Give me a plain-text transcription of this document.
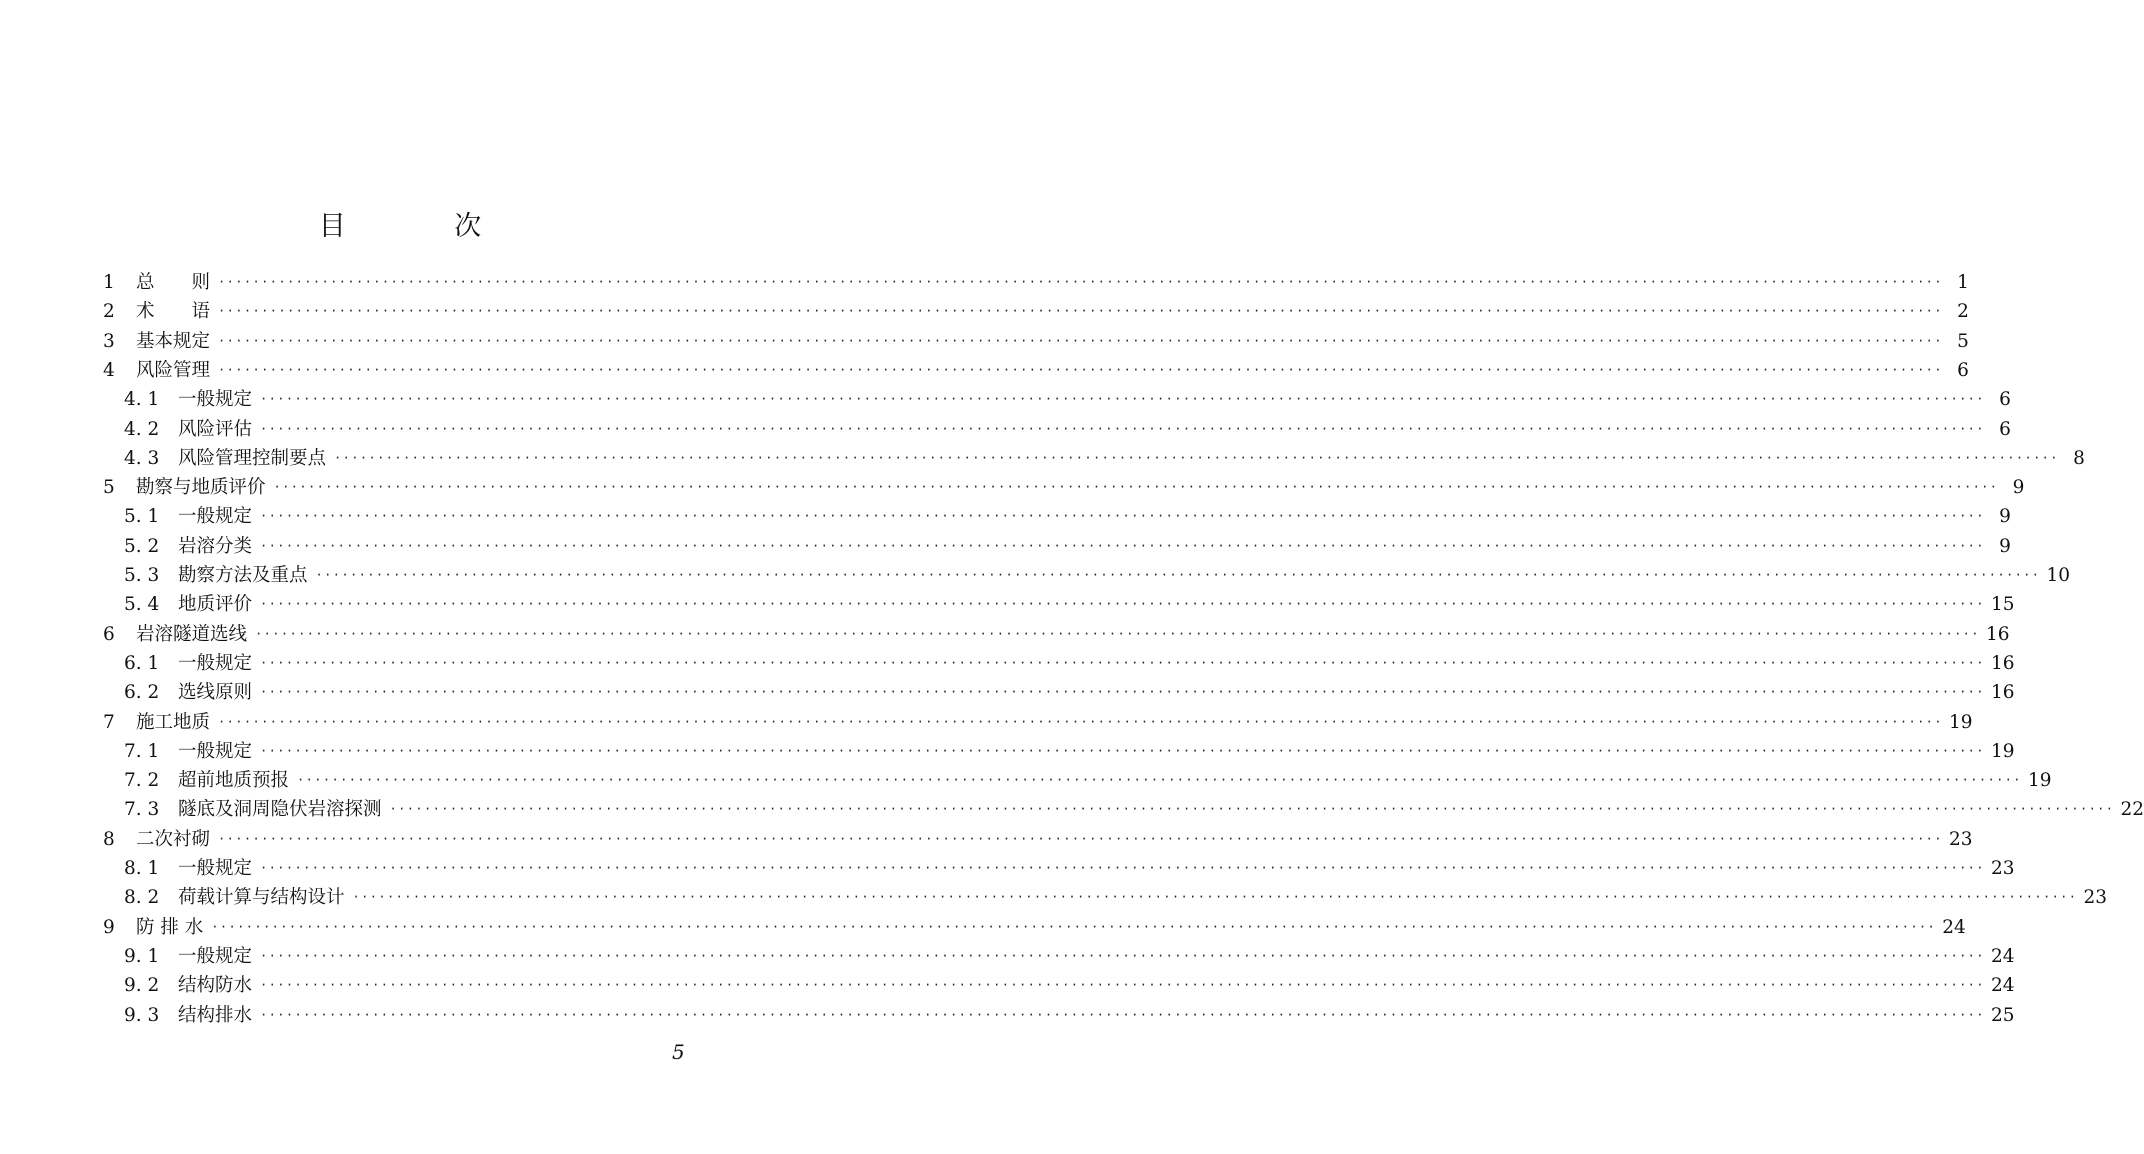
目 次
1	总　　则 ········································································································································································································ 1
2	术　　语 ········································································································································································································ 2
3	基本规定 ········································································································································································································ 5
4	风险管理 ········································································································································································································ 6
4. 1	一般规定 ········································································································································································································ 6
4. 2	风险评估 ········································································································································································································ 6
4. 3	风险管理控制要点 ········································································································································································································ 8
5	勘察与地质评价 ········································································································································································································ 9
5. 1	一般规定 ········································································································································································································ 9
5. 2	岩溶分类 ········································································································································································································ 9
5. 3	勘察方法及重点 ········································································································································································································ 10
5. 4	地质评价 ········································································································································································································ 15
6	岩溶隧道选线 ········································································································································································································ 16
6. 1	一般规定 ········································································································································································································ 16
6. 2	选线原则 ········································································································································································································ 16
7	施工地质 ········································································································································································································ 19
7. 1	一般规定 ········································································································································································································ 19
7. 2	超前地质预报 ········································································································································································································ 19
7. 3	隧底及洞周隐伏岩溶探测 ········································································································································································································ 22
8	二次衬砌 ········································································································································································································ 23
8. 1	一般规定 ········································································································································································································ 23
8. 2	荷载计算与结构设计 ········································································································································································································ 23
9	防 排 水 ········································································································································································································ 24
9. 1	一般规定 ········································································································································································································ 24
9. 2	结构防水 ········································································································································································································ 24
9. 3	结构排水 ········································································································································································································ 25
5
